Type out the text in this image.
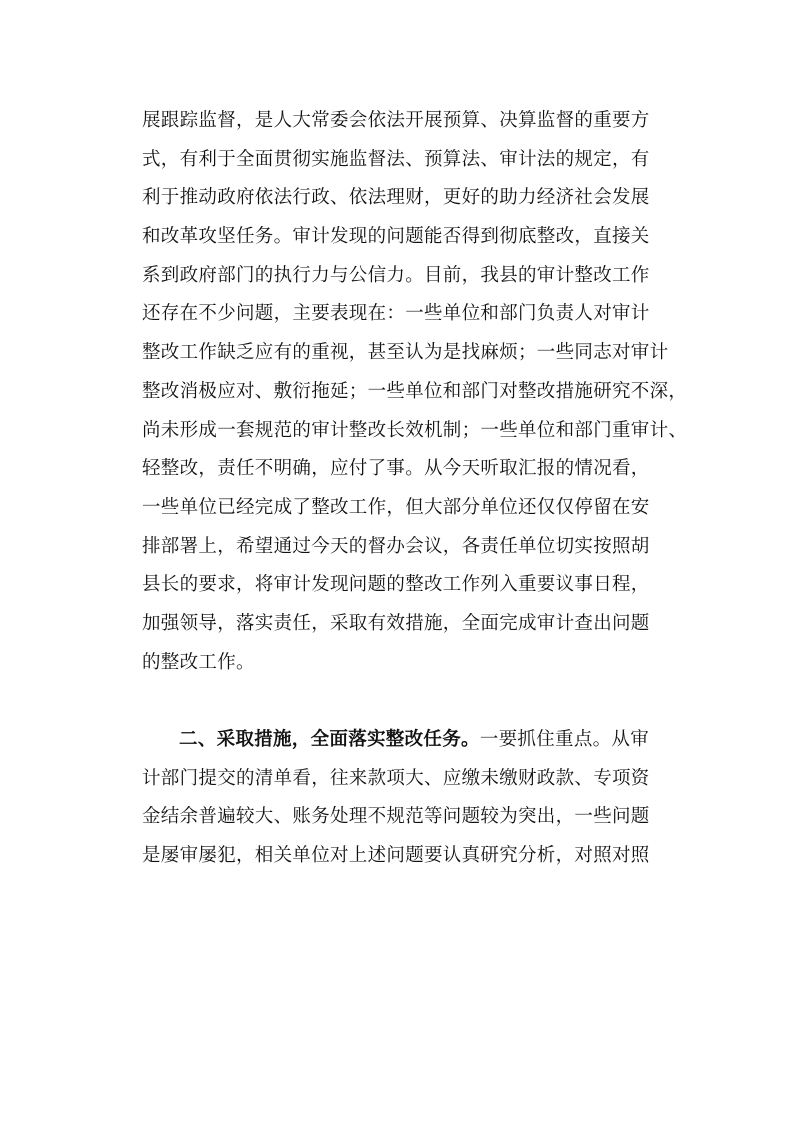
展跟踪监督，是人大常委会依法开展预算、决算监督的重要方
式，有利于全面贯彻实施监督法、预算法、审计法的规定，有
利于推动政府依法行政、依法理财，更好的助力经济社会发展
和改革攻坚任务。审计发现的问题能否得到彻底整改，直接关
系到政府部门的执行力与公信力。目前，我县的审计整改工作
还存在不少问题，主要表现在：一些单位和部门负责人对审计
整改工作缺乏应有的重视，甚至认为是找麻烦；一些同志对审计
整改消极应对、敷衍拖延；一些单位和部门对整改措施研究不深，
尚未形成一套规范的审计整改长效机制；一些单位和部门重审计、
轻整改，责任不明确，应付了事。从今天听取汇报的情况看，
一些单位已经完成了整改工作，但大部分单位还仅仅停留在安
排部署上，希望通过今天的督办会议，各责任单位切实按照胡
县长的要求，将审计发现问题的整改工作列入重要议事日程，
加强领导，落实责任，采取有效措施，全面完成审计查出问题
的整改工作。
二、采取措施，全面落实整改任务。一要抓住重点。从审
计部门提交的清单看，往来款项大、应缴未缴财政款、专项资
金结余普遍较大、账务处理不规范等问题较为突出，一些问题
是屡审屡犯，相关单位对上述问题要认真研究分析，对照对照
